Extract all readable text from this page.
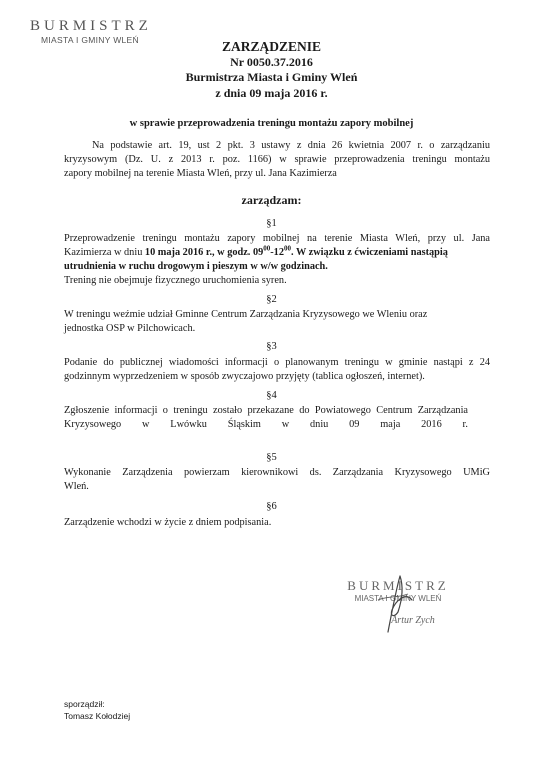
BURMISTRZ
MIASTA I GMINY WLEŃ	ZARZĄDZENIE
Nr 0050.37.2016
Burmistrza Miasta i Gminy Wleń
z dnia 09 maja 2016 r.
w sprawie przeprowadzenia treningu montażu zapory mobilnej
Na podstawie art. 19, ust 2 pkt. 3 ustawy z dnia 26 kwietnia 2007 r. o zarządzaniu
kryzysowym (Dz. U. z 2013 r. poz. 1166) w sprawie przeprowadzenia treningu montażu
zapory mobilnej na terenie Miasta Wleń, przy ul. Jana Kazimierza
zarządzam:
§1
Przeprowadzenie treningu montażu zapory mobilnej na terenie Miasta Wleń, przy ul. Jana
Kazimierza w dniu 10 maja 2016 r., w godz. $09^{00}-12^{00}$. W związku z ćwiczeniami nastąpią
utrudnienia w ruchu drogowym i pieszym w w/w godzinach.
Trening nie obejmuje fizycznego uruchomienia syren.
§2
W treningu weźmie udział Gminne Centrum Zarządzania Kryzysowego we Wleniu oraz
jednostka OSP w Pilchowicach.
§3
Podanie do publicznej wiadomości informacji o planowanym treningu w gminie nastąpi z 24
godzinnym wyprzedzeniem w sposób zwyczajowo przyjęty (tablica ogłoszeń, internet).
§4
Zgłoszenie informacji o treningu zostało przekazane do Powiatowego Centrum Zarządzania
Kryzysowego w Lwówku Śląskim w dniu 09 maja 2016 r.
§5
Wykonanie Zarządzenia powierzam kierownikowi ds. Zarządzania Kryzysowego UMiG
Wleń.
§6
Zarządzenie wchodzi w życie z dniem podpisania.
BURMISTRZ
MIASTA I GMINY WLEŃ
Artur Zych
sporządził:
Tomasz Kołodziej
